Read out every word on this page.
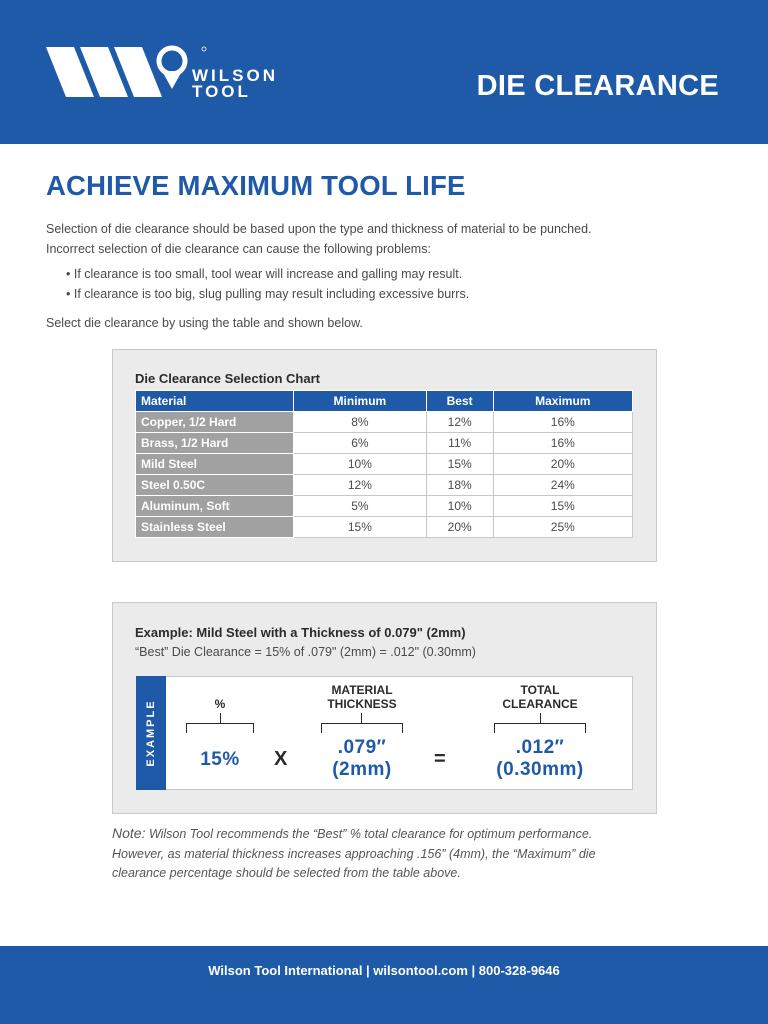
WILSON
TOOL	DIE CLEARANCE
ACHIEVE MAXIMUM TOOL LIFE
Selection of die clearance should be based upon the type and thickness of material to be punched.
Incorrect selection of die clearance can cause the following problems:
• If clearance is too small, tool wear will increase and galling may result.
• If clearance is too big, slug pulling may result including excessive burrs.
Select die clearance by using the table and shown below.
Die Clearance Selection Chart
Material	Minimum	Best	Maximum
Copper, 1/2 Hard	8%	12%	16%
Brass, 1/2 Hard	6%	11%	16%
Mild Steel	10%	15%	20%
Steel 0.50C	12%	18%	24%
Aluminum, Soft	5%	10%	15%
Stainless Steel	15%	20%	25%
Example: Mild Steel with a Thickness of 0.079" (2mm)
“Best” Die Clearance = 15% of .079" (2mm) = .012" (0.30mm)
EXAMPLE	%
MATERIAL
THICKNESS
TOTAL
CLEARANCE
15%	X
.079″
(2mm)	=
.012″
(0.30mm)
Note: Wilson Tool recommends the “Best” % total clearance for optimum performance.
However, as material thickness increases approaching .156” (4mm), the “Maximum” die
clearance percentage should be selected from the table above.
Wilson Tool International | wilsontool.com | 800-328-9646
